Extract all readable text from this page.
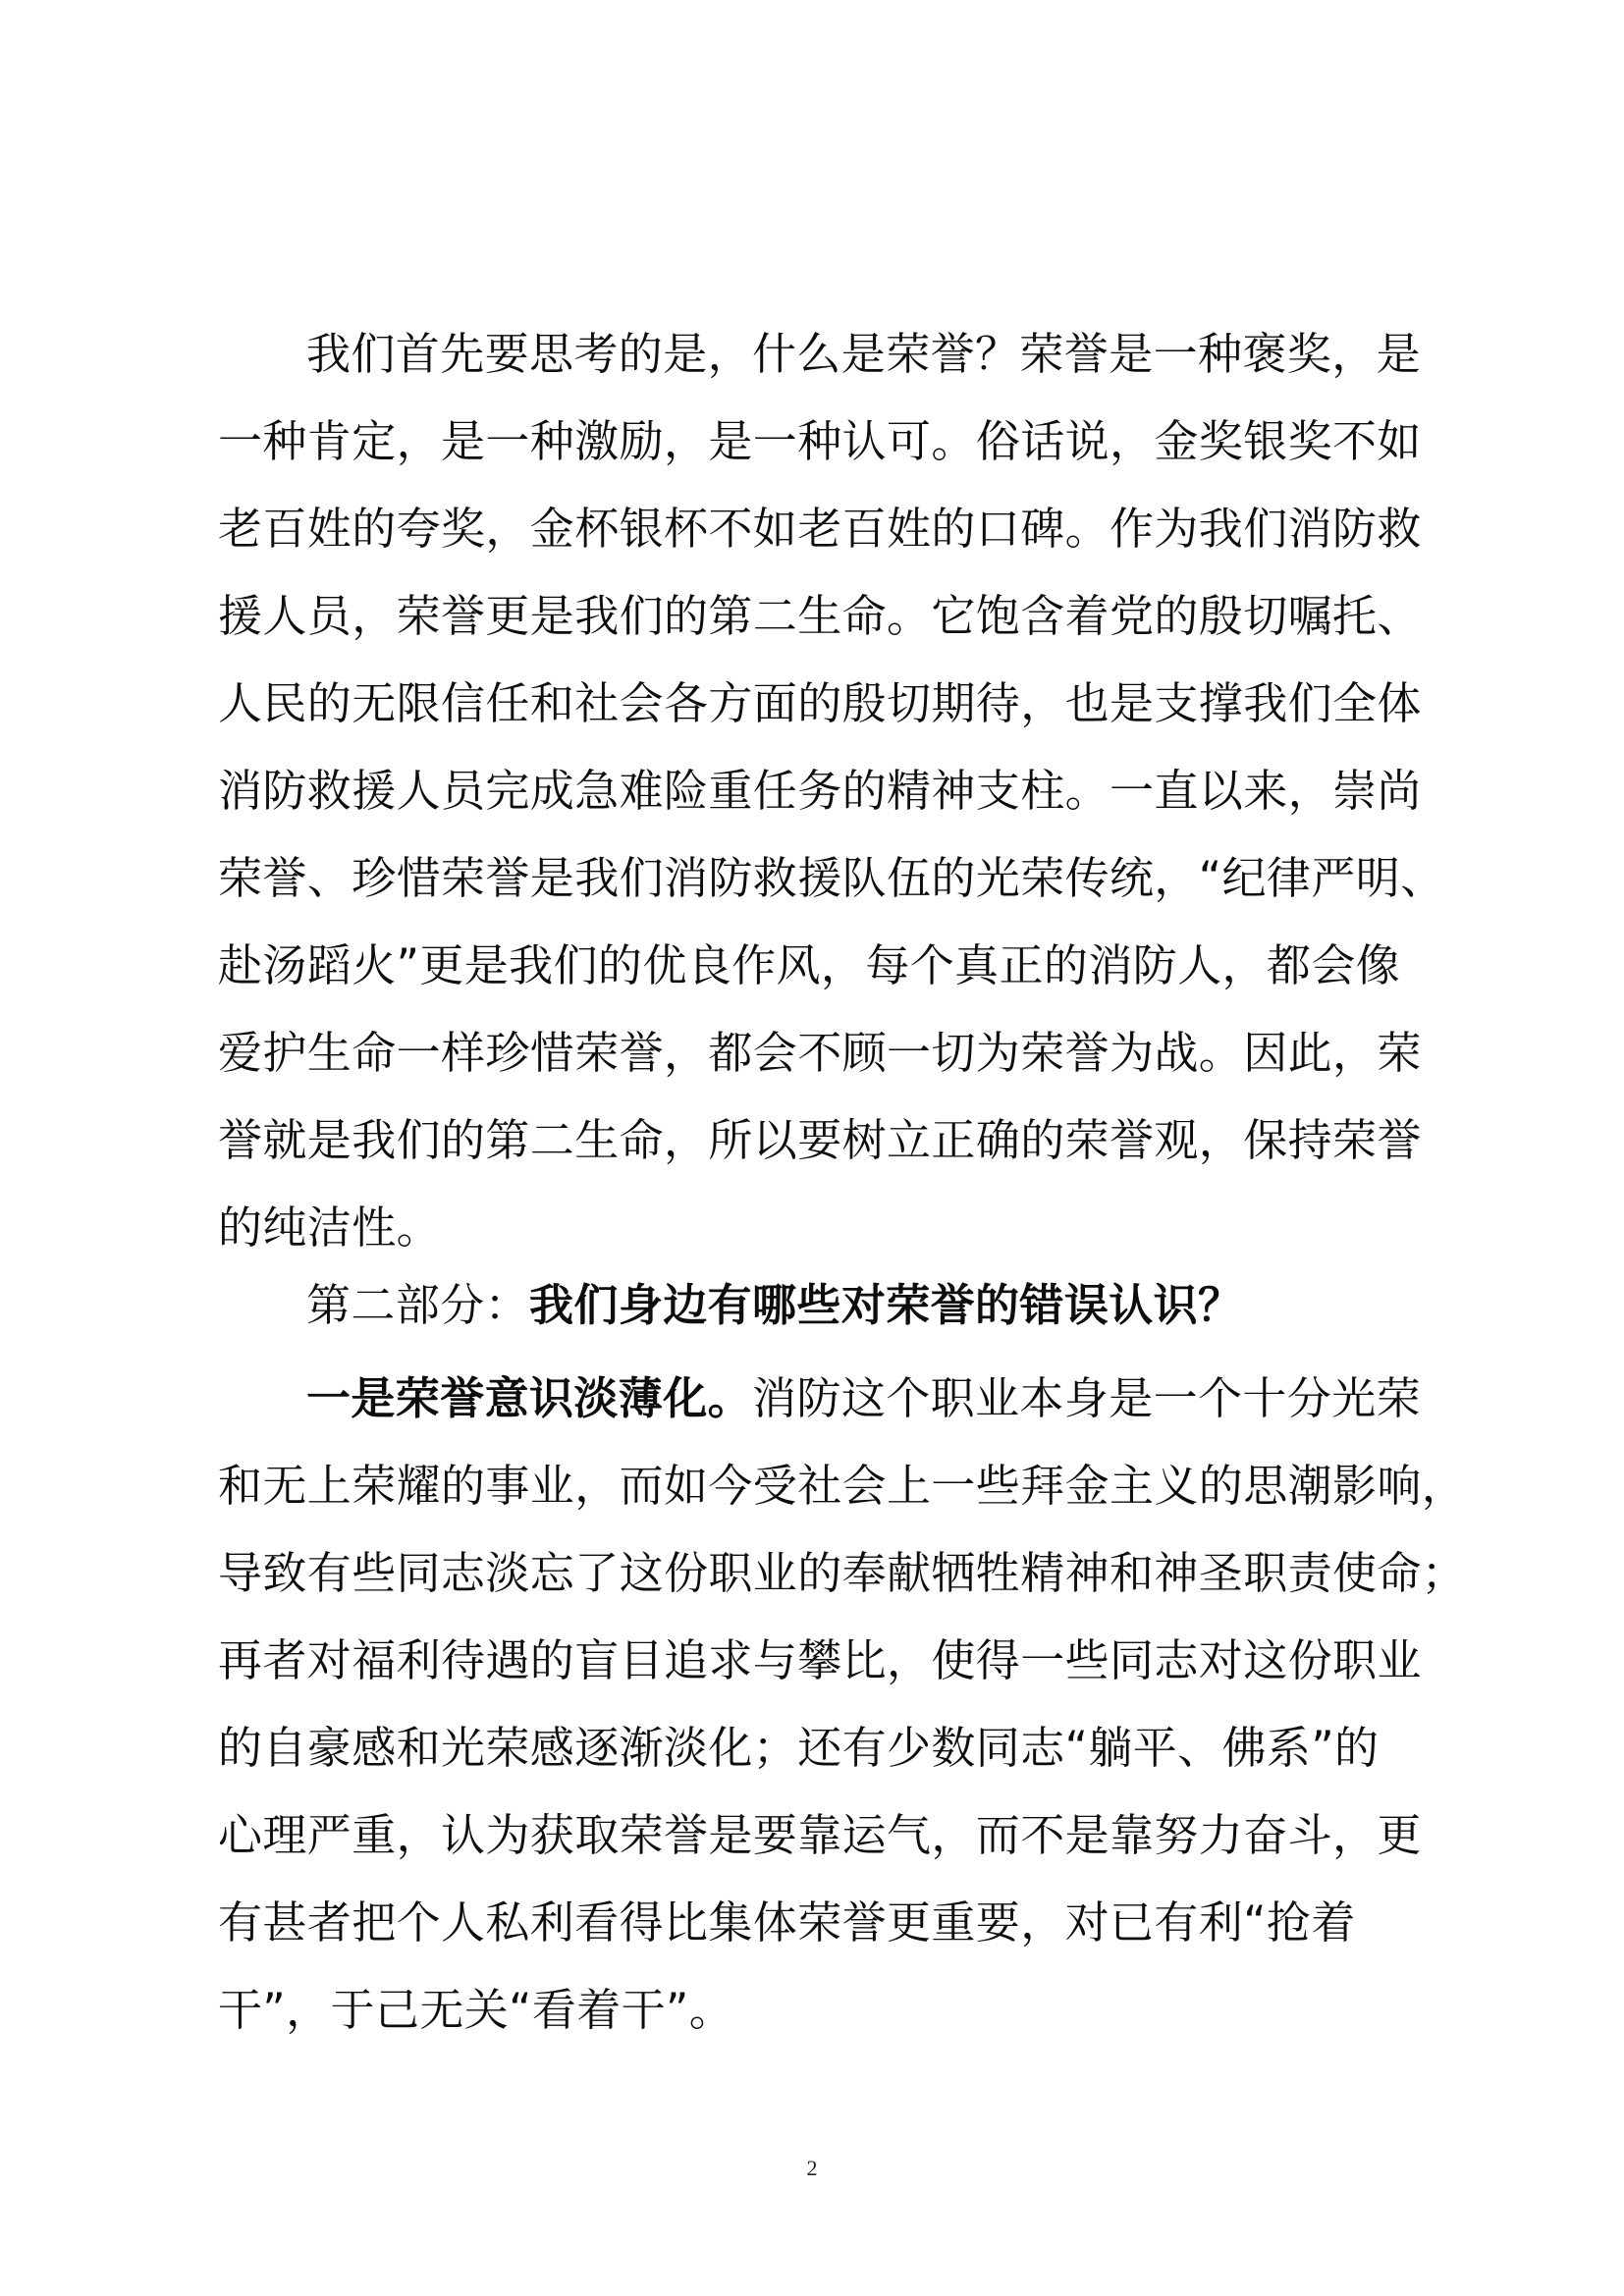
我们首先要思考的是，什么是荣誉？荣誉是一种褒奖，是
一种肯定，是一种激励，是一种认可。俗话说，金奖银奖不如
老百姓的夸奖，金杯银杯不如老百姓的口碑。作为我们消防救
援人员，荣誉更是我们的第二生命。它饱含着党的殷切嘱托、
人民的无限信任和社会各方面的殷切期待，也是支撑我们全体
消防救援人员完成急难险重任务的精神支柱。一直以来，崇尚
荣誉、珍惜荣誉是我们消防救援队伍的光荣传统，“纪律严明、
赴汤蹈火”更是我们的优良作风，每个真正的消防人，都会像
爱护生命一样珍惜荣誉，都会不顾一切为荣誉为战。因此，荣
誉就是我们的第二生命，所以要树立正确的荣誉观，保持荣誉
的纯洁性。
第二部分：我们身边有哪些对荣誉的错误认识？
一是荣誉意识淡薄化。消防这个职业本身是一个十分光荣
和无上荣耀的事业，而如今受社会上一些拜金主义的思潮影响，
导致有些同志淡忘了这份职业的奉献牺牲精神和神圣职责使命；
再者对福利待遇的盲目追求与攀比，使得一些同志对这份职业
的自豪感和光荣感逐渐淡化；还有少数同志“躺平、佛系”的
心理严重，认为获取荣誉是要靠运气，而不是靠努力奋斗，更
有甚者把个人私利看得比集体荣誉更重要，对已有利“抢着
干”，于己无关“看着干”。
2
